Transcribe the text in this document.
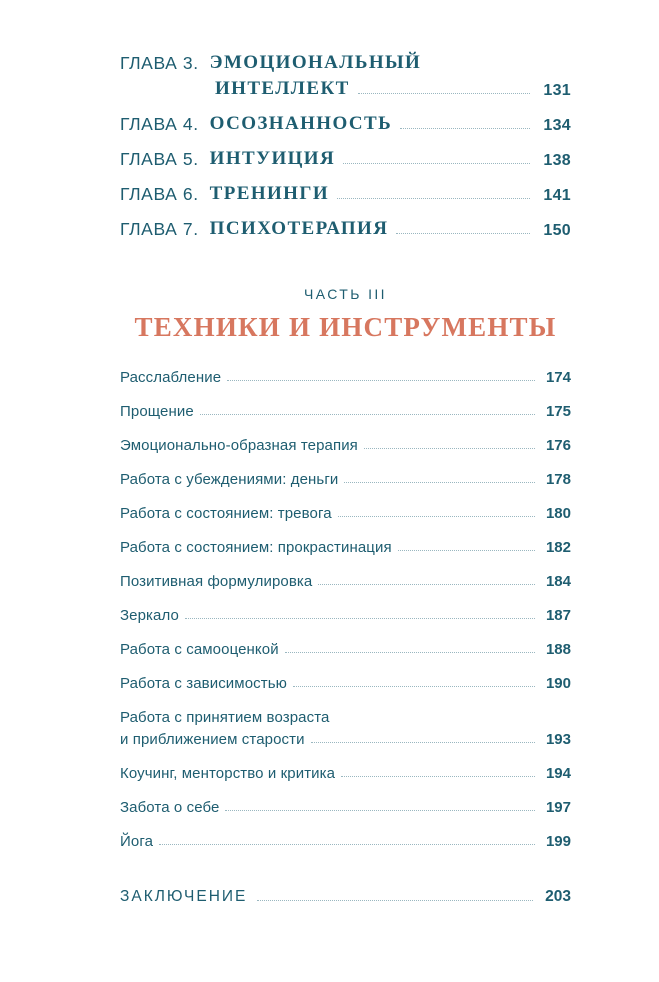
ГЛАВА 3. ЭМОЦИОНАЛЬНЫЙ
ИНТЕЛЛЕКТ	131
ГЛАВА 4. ОСОЗНАННОСТЬ	134
ГЛАВА 5. ИНТУИЦИЯ	138
ГЛАВА 6. ТРЕНИНГИ	141
ГЛАВА 7. ПСИХОТЕРАПИЯ	150
ЧАСТЬ III
ТЕХНИКИ И ИНСТРУМЕНТЫ
Расслабление	174
Прощение	175
Эмоционально-образная терапия	176
Работа с убеждениями: деньги	178
Работа с состоянием: тревога	180
Работа с состоянием: прокрастинация	182
Позитивная формулировка	184
Зеркало	187
Работа с самооценкой	188
Работа с зависимостью	190
Работа с принятием возраста
и приближением старости	193
Коучинг, менторство и критика	194
Забота о себе	197
Йога	199
ЗАКЛЮЧЕНИЕ	203
